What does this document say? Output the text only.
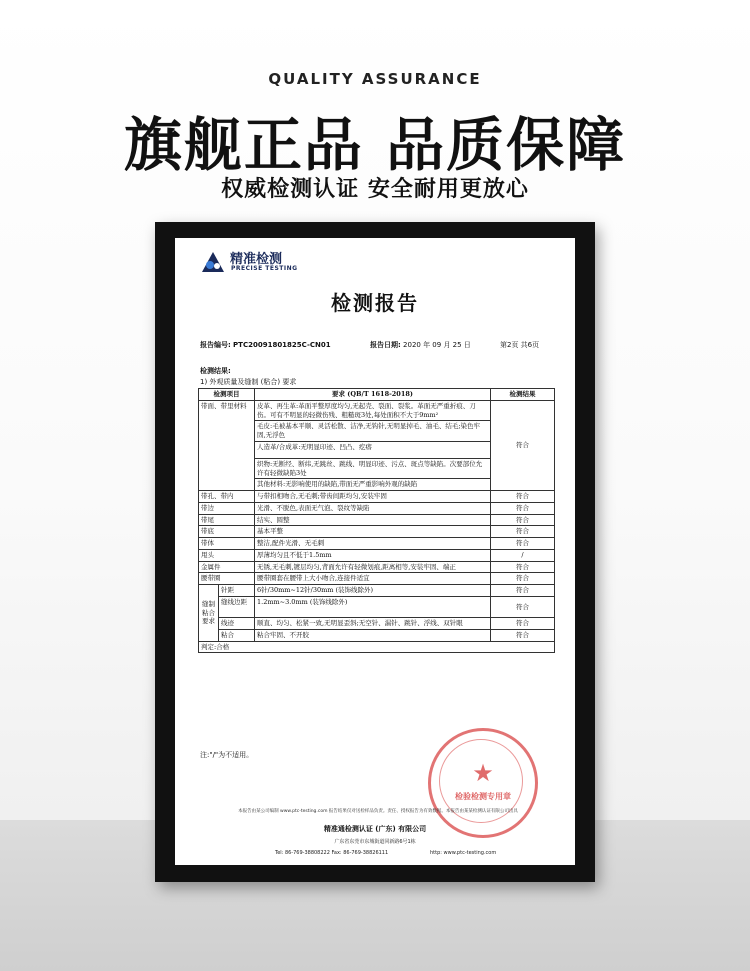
QUALITY ASSURANCE
旗舰正品 品质保障
权威检测认证 安全耐用更放心
精准检测
PRECISE TESTING
检测报告
报告编号: PTC20091801825C-CN01	报告日期: 2020 年 09 月 25 日	第2页 共6页
检测结果:
1) 外观质量及缝制 (粘合) 要求
检测项目		要求 (QB/T 1618-2018)	检测结果
带面、带里材料		皮革、再生革:革面平整厚度均匀,无起壳、裂面、裂浆。革面无严重折痕、刀伤。可有不明显的轻微伤残、粗糙斑3处,每处面积不大于9mm²	符合
		毛皮:毛被基本平顺、灵活松散、洁净,无钩针,无明显掉毛、油毛、结毛;染色牢固,无浮色	
		人造革/合成革:无明显印迹、凹凸、疙瘩	
		织物:无断经、断纬,无跳丝、跳线、明显印迹、污点、斑点等缺陷。次要部位允许有轻微缺陷3处	
		其他材料:无影响使用的缺陷,带面无严重影响外观的缺陷	
带孔、带内		与带扣相吻合,无毛刺;带齿间距均匀,安装牢固	符合
带边		光滑、不脱色,表面无气泡、裂纹等缺陷	符合
带尾		结实、圆整	符合
带底		基本平整	符合
带体		整洁,配件光滑、无毛刺	符合
甩头		厚薄均匀且不低于1.5mm	/
金属件		无锈,无毛刺,镀层均匀,背面允许有轻微划痕,距离相等,安装牢固、端正	符合
腰带圈		腰带圈套在腰带上大小吻合,连接件适宜	符合
缝制粘合要求	针距	6针/30mm~12针/30mm (装饰线除外)	符合
	缝线边距	1.2mm~3.0mm (装饰线除外)	符合
	线迹	顺直、均匀、松紧一致,无明显歪斜;无空针、漏针、跳针、浮线、双针眼	符合
	粘合	粘合牢固、不开胶	符合
判定:合格			
注:"/"为不适用。
★
检验检测专用章
本报告由某公司编制 www.ptc-testing.com 报告结果仅对送检样品负责。责任、授权报告为有效数据。本报告由某某检测认证有限公司出具
精准通检测认证 (广东) 有限公司
广东省东莞市东城街道同新路6号1栋
Tel: 86-769-38808222 Fax: 86-769-38826111	http: www.ptc-testing.com
